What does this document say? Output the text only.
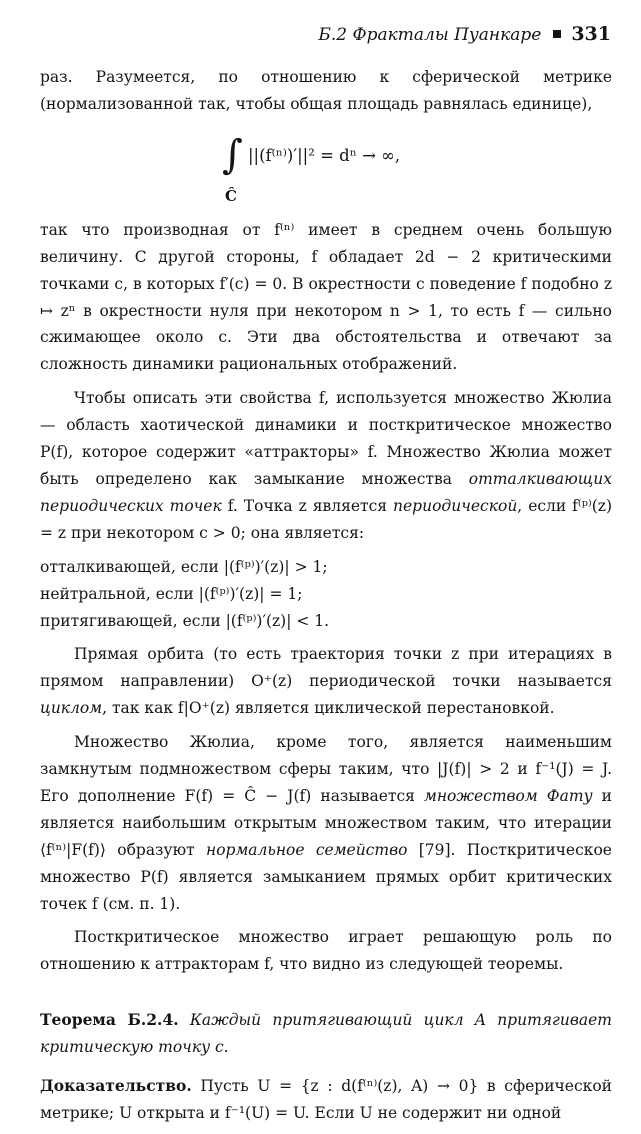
Б.2 Фракталы Пуанкаре 331

раз. Разумеется, по отношению к сферической метрике (нормализованной так, чтобы общая площадь равнялась единице),

∫ ||(f⁽ⁿ⁾)′||² = dⁿ → ∞,
Ĉ

так что производная от f⁽ⁿ⁾ имеет в среднем очень большую величину. С другой стороны, f обладает 2d − 2 критическими точками c, в которых f′(c) = 0. В окрестности c поведение f подобно z ↦ zⁿ в окрестности нуля при некотором n > 1, то есть f — сильно сжимающее около c. Эти два обстоятельства и отвечают за сложность динамики рациональных отображений.

Чтобы описать эти свойства f, используется множество Жюлиа — область хаотической динамики и посткритическое множество P(f), которое содержит «аттракторы» f. Множество Жюлиа может быть определено как замыкание множества отталкивающих периодических точек f. Точка z является периодической, если f⁽ᵖ⁾(z) = z при некотором c > 0; она является:

отталкивающей, если |(f⁽ᵖ⁾)′(z)| > 1;
нейтральной, если |(f⁽ᵖ⁾)′(z)| = 1;
притягивающей, если |(f⁽ᵖ⁾)′(z)| < 1.

Прямая орбита (то есть траектория точки z при итерациях в прямом направлении) O⁺(z) периодической точки называется циклом, так как f|O⁺(z) является циклической перестановкой.

Множество Жюлиа, кроме того, является наименьшим замкнутым подмножеством сферы таким, что |J(f)| > 2 и f⁻¹(J) = J. Его дополнение F(f) = Ĉ − J(f) называется множеством Фату и является наибольшим открытым множеством таким, что итерации ⟨f⁽ⁿ⁾|F(f)⟩ образуют нормальное семейство [79]. Посткритическое множество P(f) является замыканием прямых орбит критических точек f (см. п. 1).

Посткритическое множество играет решающую роль по отношению к аттракторам f, что видно из следующей теоремы.

Теорема Б.2.4. Каждый притягивающий цикл A притягивает критическую точку c.

Доказательство. Пусть U = {z : d(f⁽ⁿ⁾(z), A) → 0} в сферической метрике; U открыта и f⁻¹(U) = U. Если U не содержит ни одной
